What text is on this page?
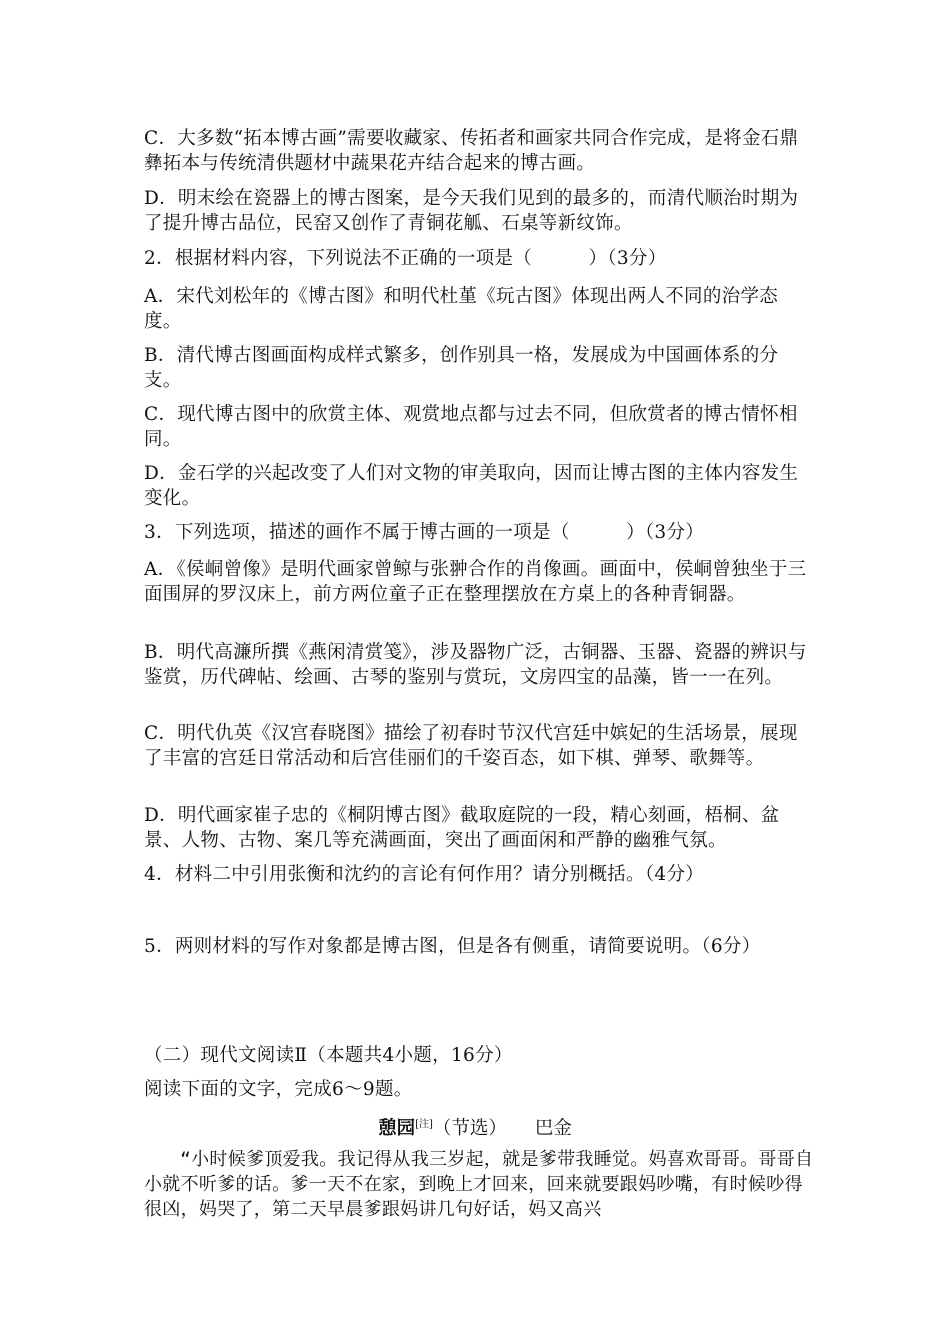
C．大多数“拓本博古画”需要收藏家、传拓者和画家共同合作完成，是将金石鼎彝拓本与传统清供题材中蔬果花卉结合起来的博古画。

D．明末绘在瓷器上的博古图案，是今天我们见到的最多的，而清代顺治时期为了提升博古品位，民窑又创作了青铜花觚、石桌等新纹饰。

2．根据材料内容，下列说法不正确的一项是（　　　）（3分）

A．宋代刘松年的《博古图》和明代杜堇《玩古图》体现出两人不同的治学态度。

B．清代博古图画面构成样式繁多，创作别具一格，发展成为中国画体系的分支。

C．现代博古图中的欣赏主体、观赏地点都与过去不同，但欣赏者的博古情怀相同。

D．金石学的兴起改变了人们对文物的审美取向，因而让博古图的主体内容发生变化。

3．下列选项，描述的画作不属于博古画的一项是（　　　）（3分）

A．《侯峒曾像》是明代画家曾鲸与张翀合作的肖像画。画面中，侯峒曾独坐于三面围屏的罗汉床上，前方两位童子正在整理摆放在方桌上的各种青铜器。

B．明代高濂所撰《燕闲清赏笺》，涉及器物广泛，古铜器、玉器、瓷器的辨识与鉴赏，历代碑帖、绘画、古琴的鉴别与赏玩，文房四宝的品藻，皆一一在列。

C．明代仇英《汉宫春晓图》描绘了初春时节汉代宫廷中嫔妃的生活场景，展现了丰富的宫廷日常活动和后宫佳丽们的千姿百态，如下棋、弹琴、歌舞等。

D．明代画家崔子忠的《桐阴博古图》截取庭院的一段，精心刻画，梧桐、盆景、人物、古物、案几等充满画面，突出了画面闲和严静的幽雅气氛。

4．材料二中引用张衡和沈约的言论有何作用？请分别概括。（4分）

5．两则材料的写作对象都是博古图，但是各有侧重，请简要说明。（6分）

（二）现代文阅读Ⅱ（本题共4小题，16分）

阅读下面的文字，完成6～9题。

憩园[注]（节选） 巴金

“小时候爹顶爱我。我记得从我三岁起，就是爹带我睡觉。妈喜欢哥哥。哥哥自小就不听爹的话。爹一天不在家，到晚上才回来，回来就要跟妈吵嘴，有时候吵得很凶，妈哭了，第二天早晨爹跟妈讲几句好话，妈又高兴
